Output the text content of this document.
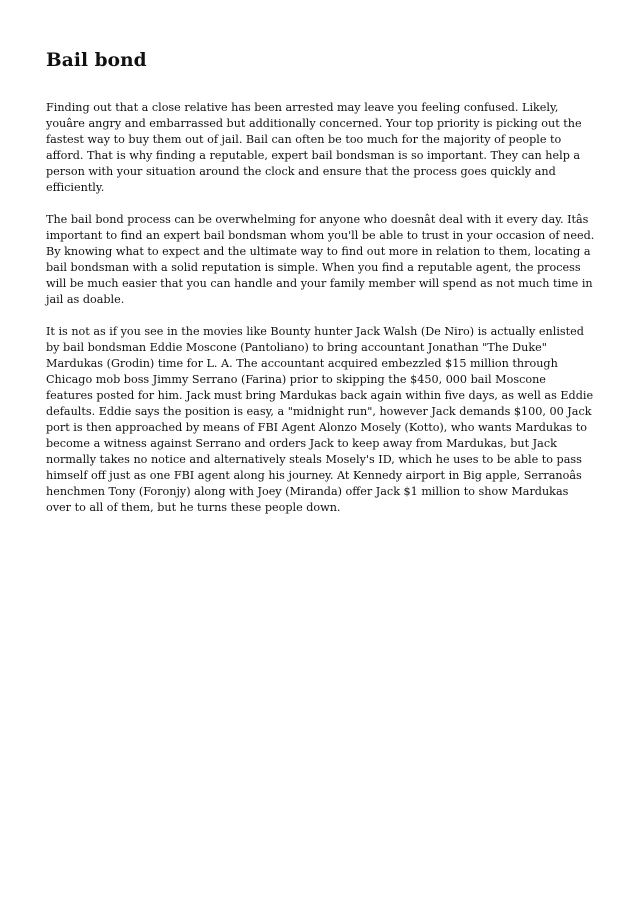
Bail bond

Finding out that a close relative has been arrested may leave you feeling confused. Likely, youâre angry and embarrassed but additionally concerned. Your top priority is picking out the fastest way to buy them out of jail. Bail can often be too much for the majority of people to afford. That is why finding a reputable, expert bail bondsman is so important. They can help a person with your situation around the clock and ensure that the process goes quickly and efficiently.

The bail bond process can be overwhelming for anyone who doesnât deal with it every day. Itâs important to find an expert bail bondsman whom you'll be able to trust in your occasion of need. By knowing what to expect and the ultimate way to find out more in relation to them, locating a bail bondsman with a solid reputation is simple. When you find a reputable agent, the process will be much easier that you can handle and your family member will spend as not much time in jail as doable.

It is not as if you see in the movies like Bounty hunter Jack Walsh (De Niro) is actually enlisted by bail bondsman Eddie Moscone (Pantoliano) to bring accountant Jonathan "The Duke" Mardukas (Grodin) time for L. A. The accountant acquired embezzled $15 million through Chicago mob boss Jimmy Serrano (Farina) prior to skipping the $450, 000 bail Moscone features posted for him. Jack must bring Mardukas back again within five days, as well as Eddie defaults. Eddie says the position is easy, a "midnight run", however Jack demands $100, 00 Jack port is then approached by means of FBI Agent Alonzo Mosely (Kotto), who wants Mardukas to become a witness against Serrano and orders Jack to keep away from Mardukas, but Jack normally takes no notice and alternatively steals Mosely's ID, which he uses to be able to pass himself off just as one FBI agent along his journey. At Kennedy airport in Big apple, Serranoâs henchmen Tony (Foronjy) along with Joey (Miranda) offer Jack $1 million to show Mardukas over to all of them, but he turns these people down.
